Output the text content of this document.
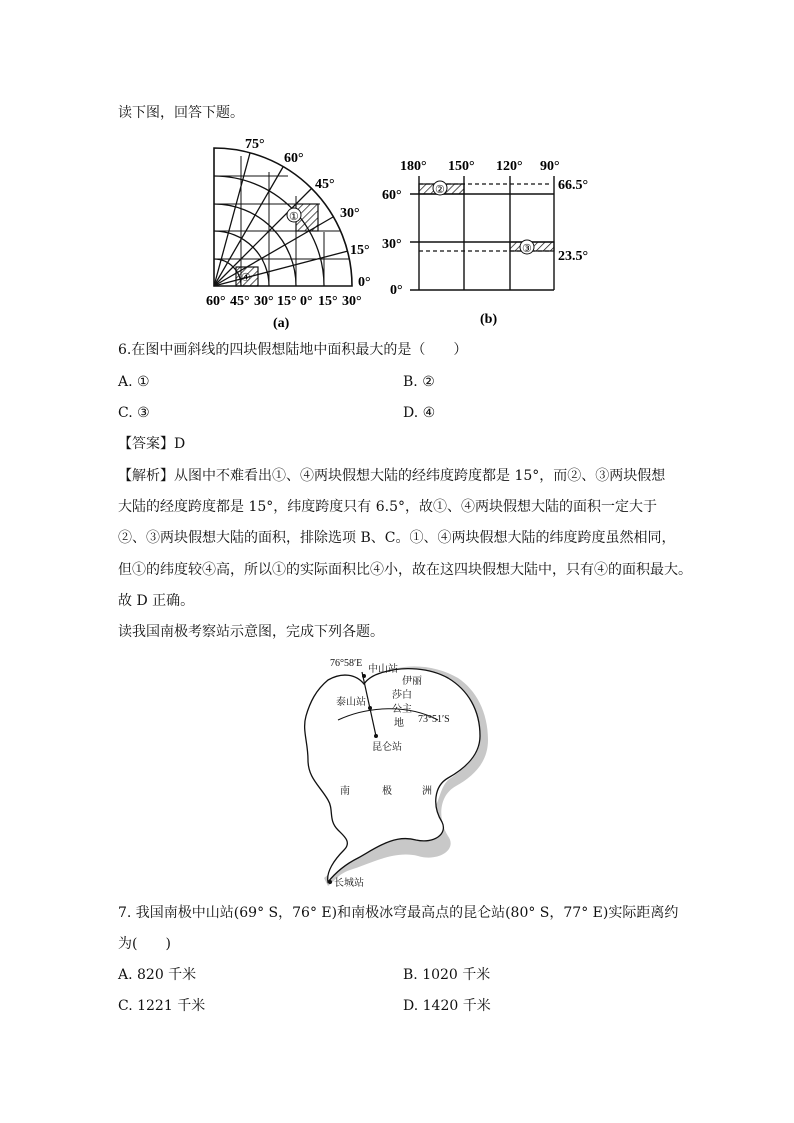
读下图，回答下题。
①
④
75°
60°
45°
30°
15°
0°
60° 45° 30° 15° 0° 15° 30°
(a)
180° 150° 120° 90°
②
③
60°
30°
0°
66.5°
23.5°
(b)
6.在图中画斜线的四块假想陆地中面积最大的是（　　）
A. ①	B. ②
C. ③	D. ④
【答案】D
【解析】从图中不难看出①、④两块假想大陆的经纬度跨度都是 15°，而②、③两块假想
大陆的经度跨度都是 15°，纬度跨度只有 6.5°，故①、④两块假想大陆的面积一定大于
②、③两块假想大陆的面积，排除选项 B、C。①、④两块假想大陆的纬度跨度虽然相同，
但①的纬度较④高，所以①的实际面积比④小，故在这四块假想大陆中，只有④的面积最大。
故 D 正确。
读我国南极考察站示意图，完成下列各题。
76°58′E
中山站
泰山站
昆仑站
73°51′S
伊 丽
莎 白
公 主
地
南	极	洲
长城站
7. 我国南极中山站(69° S，76° E)和南极冰穹最高点的昆仑站(80° S，77° E)实际距离约
为(　　)
A. 820 千米	B. 1020 千米
C. 1221 千米	D. 1420 千米
